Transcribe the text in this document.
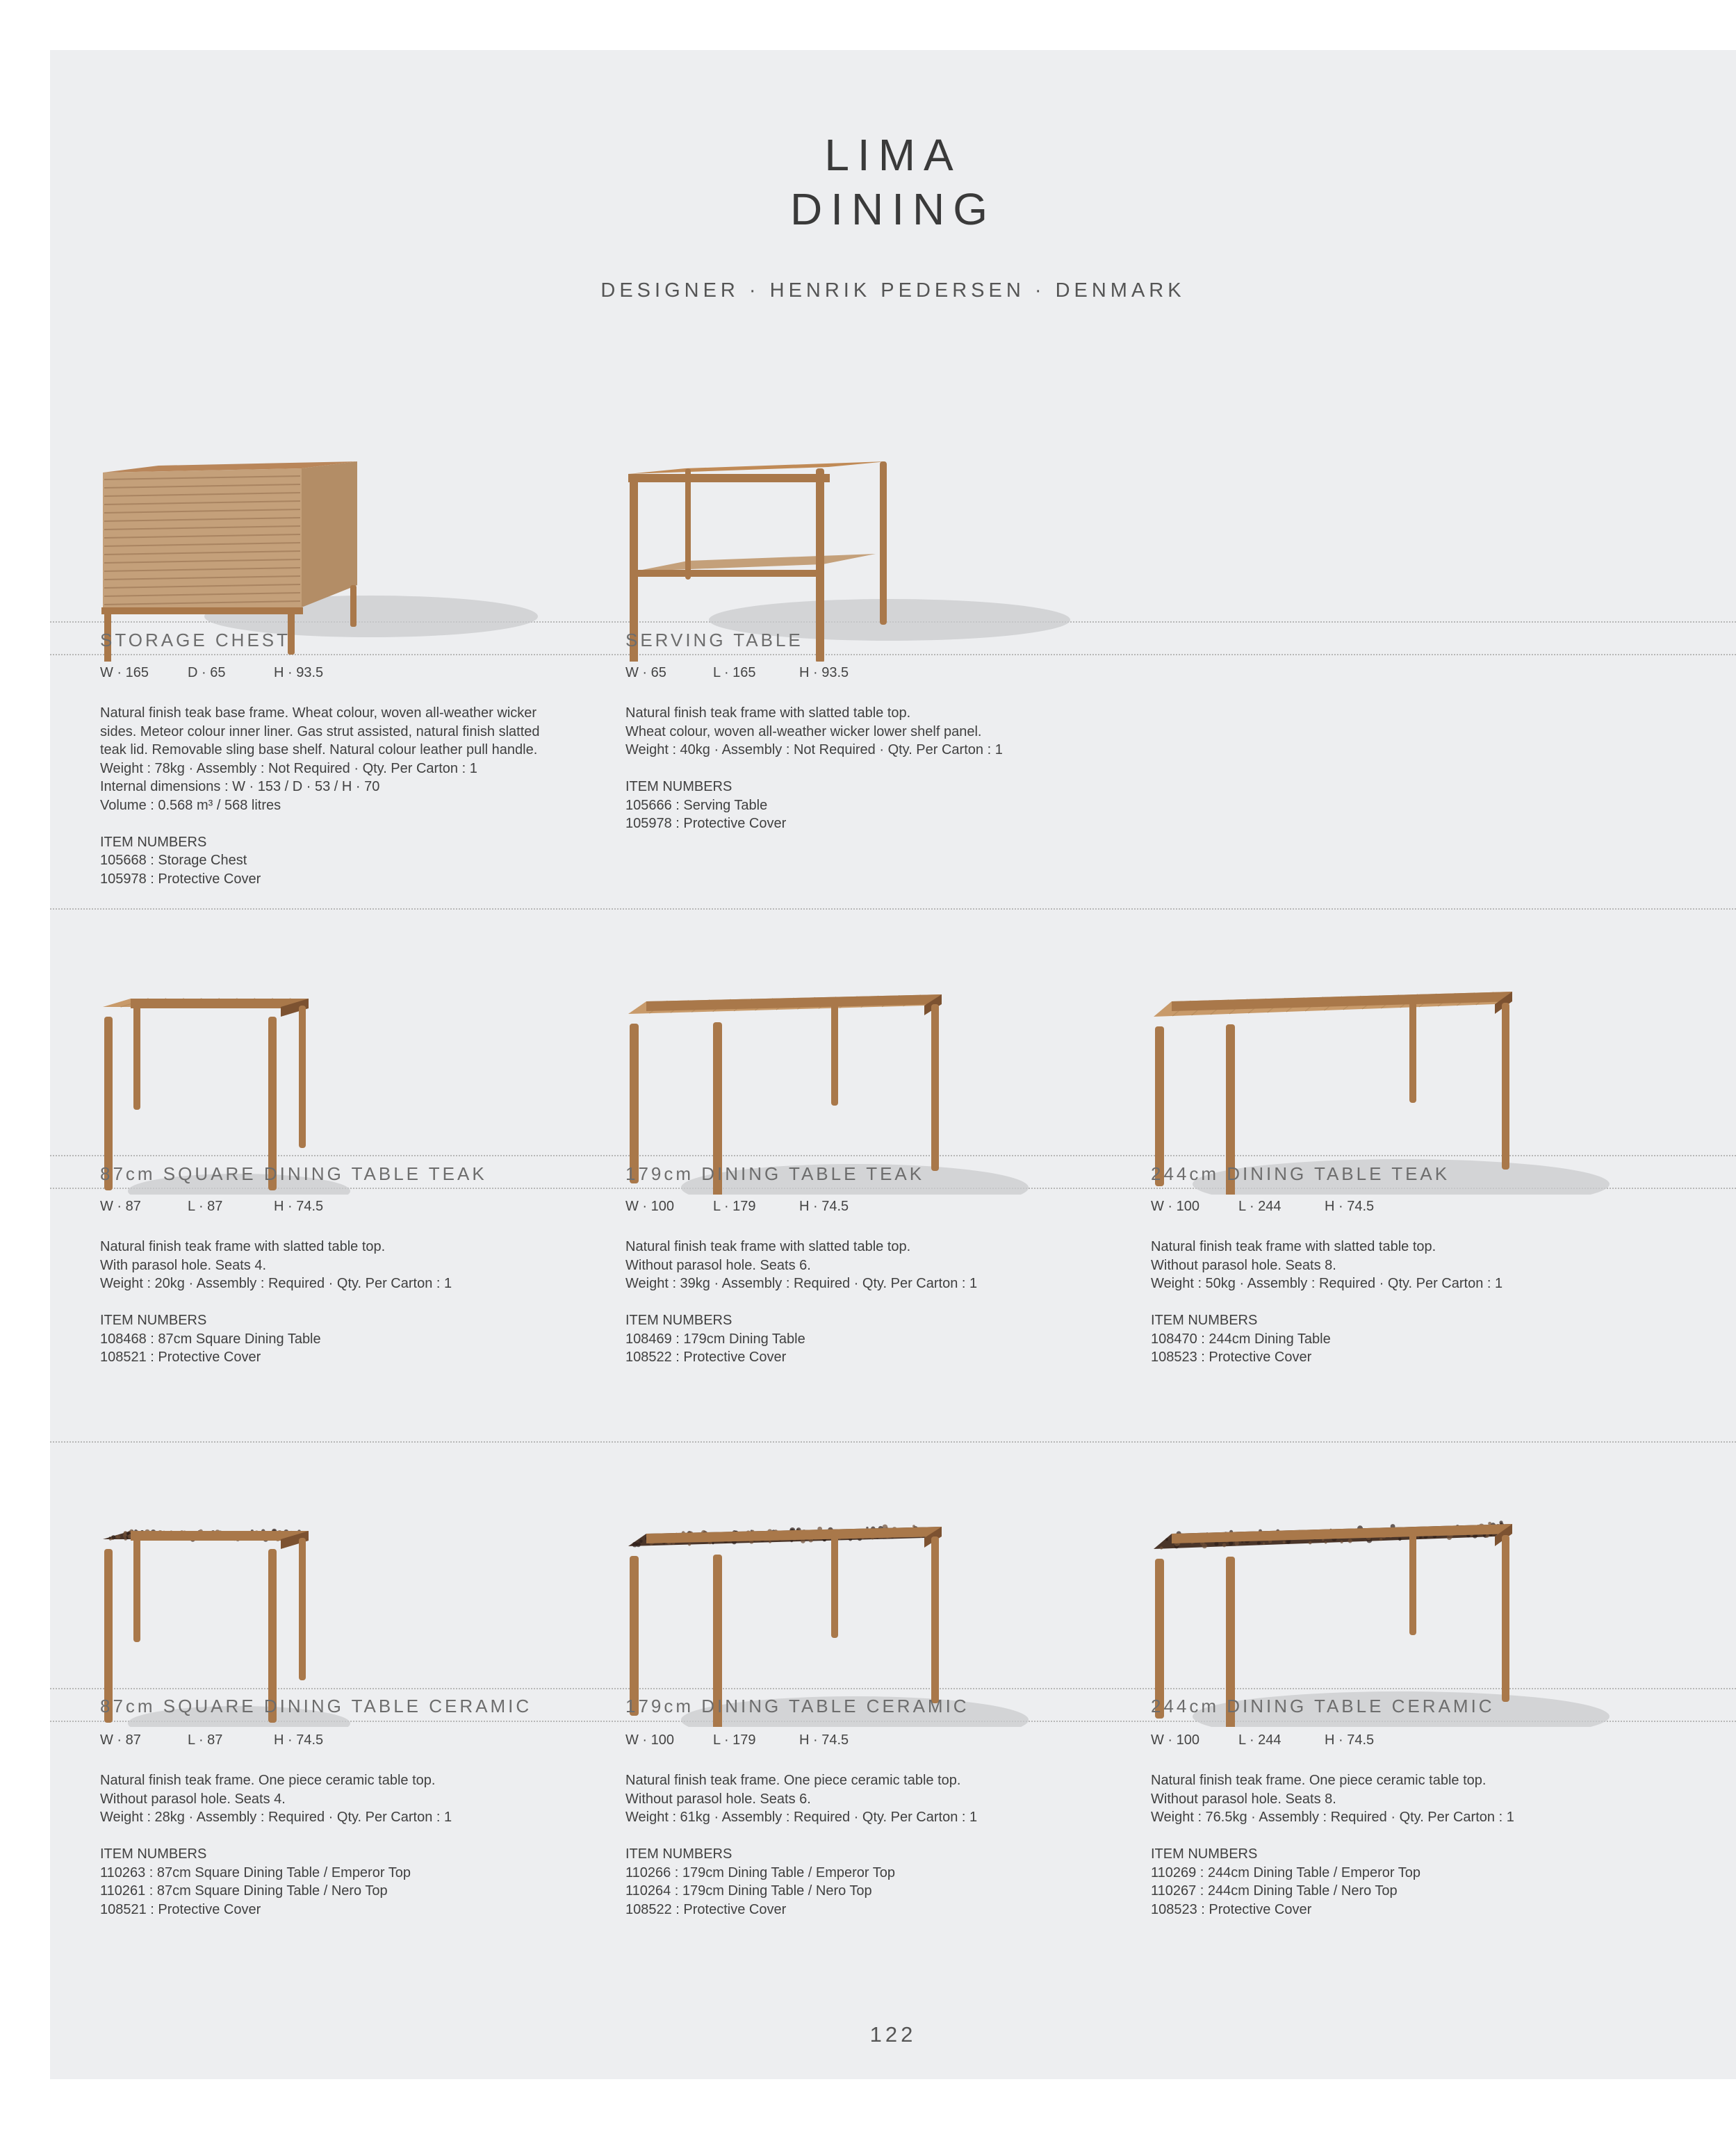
LIMA
DINING
DESIGNER · HENRIK PEDERSEN · DENMARK
122
STORAGE CHEST
W · 165	D · 65	H · 93.5
Natural finish teak base frame. Wheat colour, woven all-weather wicker
sides. Meteor colour inner liner. Gas strut assisted, natural finish slatted
teak lid. Removable sling base shelf. Natural colour leather pull handle.
Weight : 78kg · Assembly : Not Required · Qty. Per Carton : 1
Internal dimensions : W · 153 / D · 53 / H · 70
Volume : 0.568 m³ / 568 litres
ITEM NUMBERS
105668 : Storage Chest
105978 : Protective Cover
SERVING TABLE
W · 65	L · 165	H · 93.5
Natural finish teak frame with slatted table top.
Wheat colour, woven all-weather wicker lower shelf panel.
Weight : 40kg · Assembly : Not Required · Qty. Per Carton : 1
ITEM NUMBERS
105666 : Serving Table
105978 : Protective Cover
87cm SQUARE DINING TABLE TEAK
W · 87	L · 87	H · 74.5
Natural finish teak frame with slatted table top.
With parasol hole. Seats 4.
Weight : 20kg · Assembly : Required · Qty. Per Carton : 1
ITEM NUMBERS
108468 : 87cm Square Dining Table
108521 : Protective Cover
179cm DINING TABLE TEAK
W · 100	L · 179	H · 74.5
Natural finish teak frame with slatted table top.
Without parasol hole. Seats 6.
Weight : 39kg · Assembly : Required · Qty. Per Carton : 1
ITEM NUMBERS
108469 : 179cm Dining Table
108522 : Protective Cover
244cm DINING TABLE TEAK
W · 100	L · 244	H · 74.5
Natural finish teak frame with slatted table top.
Without parasol hole. Seats 8.
Weight : 50kg · Assembly : Required · Qty. Per Carton : 1
ITEM NUMBERS
108470 : 244cm Dining Table
108523 : Protective Cover
87cm SQUARE DINING TABLE CERAMIC
W · 87	L · 87	H · 74.5
Natural finish teak frame. One piece ceramic table top.
Without parasol hole. Seats 4.
Weight : 28kg · Assembly : Required · Qty. Per Carton : 1
ITEM NUMBERS
110263 : 87cm Square Dining Table / Emperor Top
110261 : 87cm Square Dining Table / Nero Top
108521 : Protective Cover
179cm DINING TABLE CERAMIC
W · 100	L · 179	H · 74.5
Natural finish teak frame. One piece ceramic table top.
Without parasol hole. Seats 6.
Weight : 61kg · Assembly : Required · Qty. Per Carton : 1
ITEM NUMBERS
110266 : 179cm Dining Table / Emperor Top
110264 : 179cm Dining Table / Nero Top
108522 : Protective Cover
244cm DINING TABLE CERAMIC
W · 100	L · 244	H · 74.5
Natural finish teak frame. One piece ceramic table top.
Without parasol hole. Seats 8.
Weight : 76.5kg · Assembly : Required · Qty. Per Carton : 1
ITEM NUMBERS
110269 : 244cm Dining Table / Emperor Top
110267 : 244cm Dining Table / Nero Top
108523 : Protective Cover
